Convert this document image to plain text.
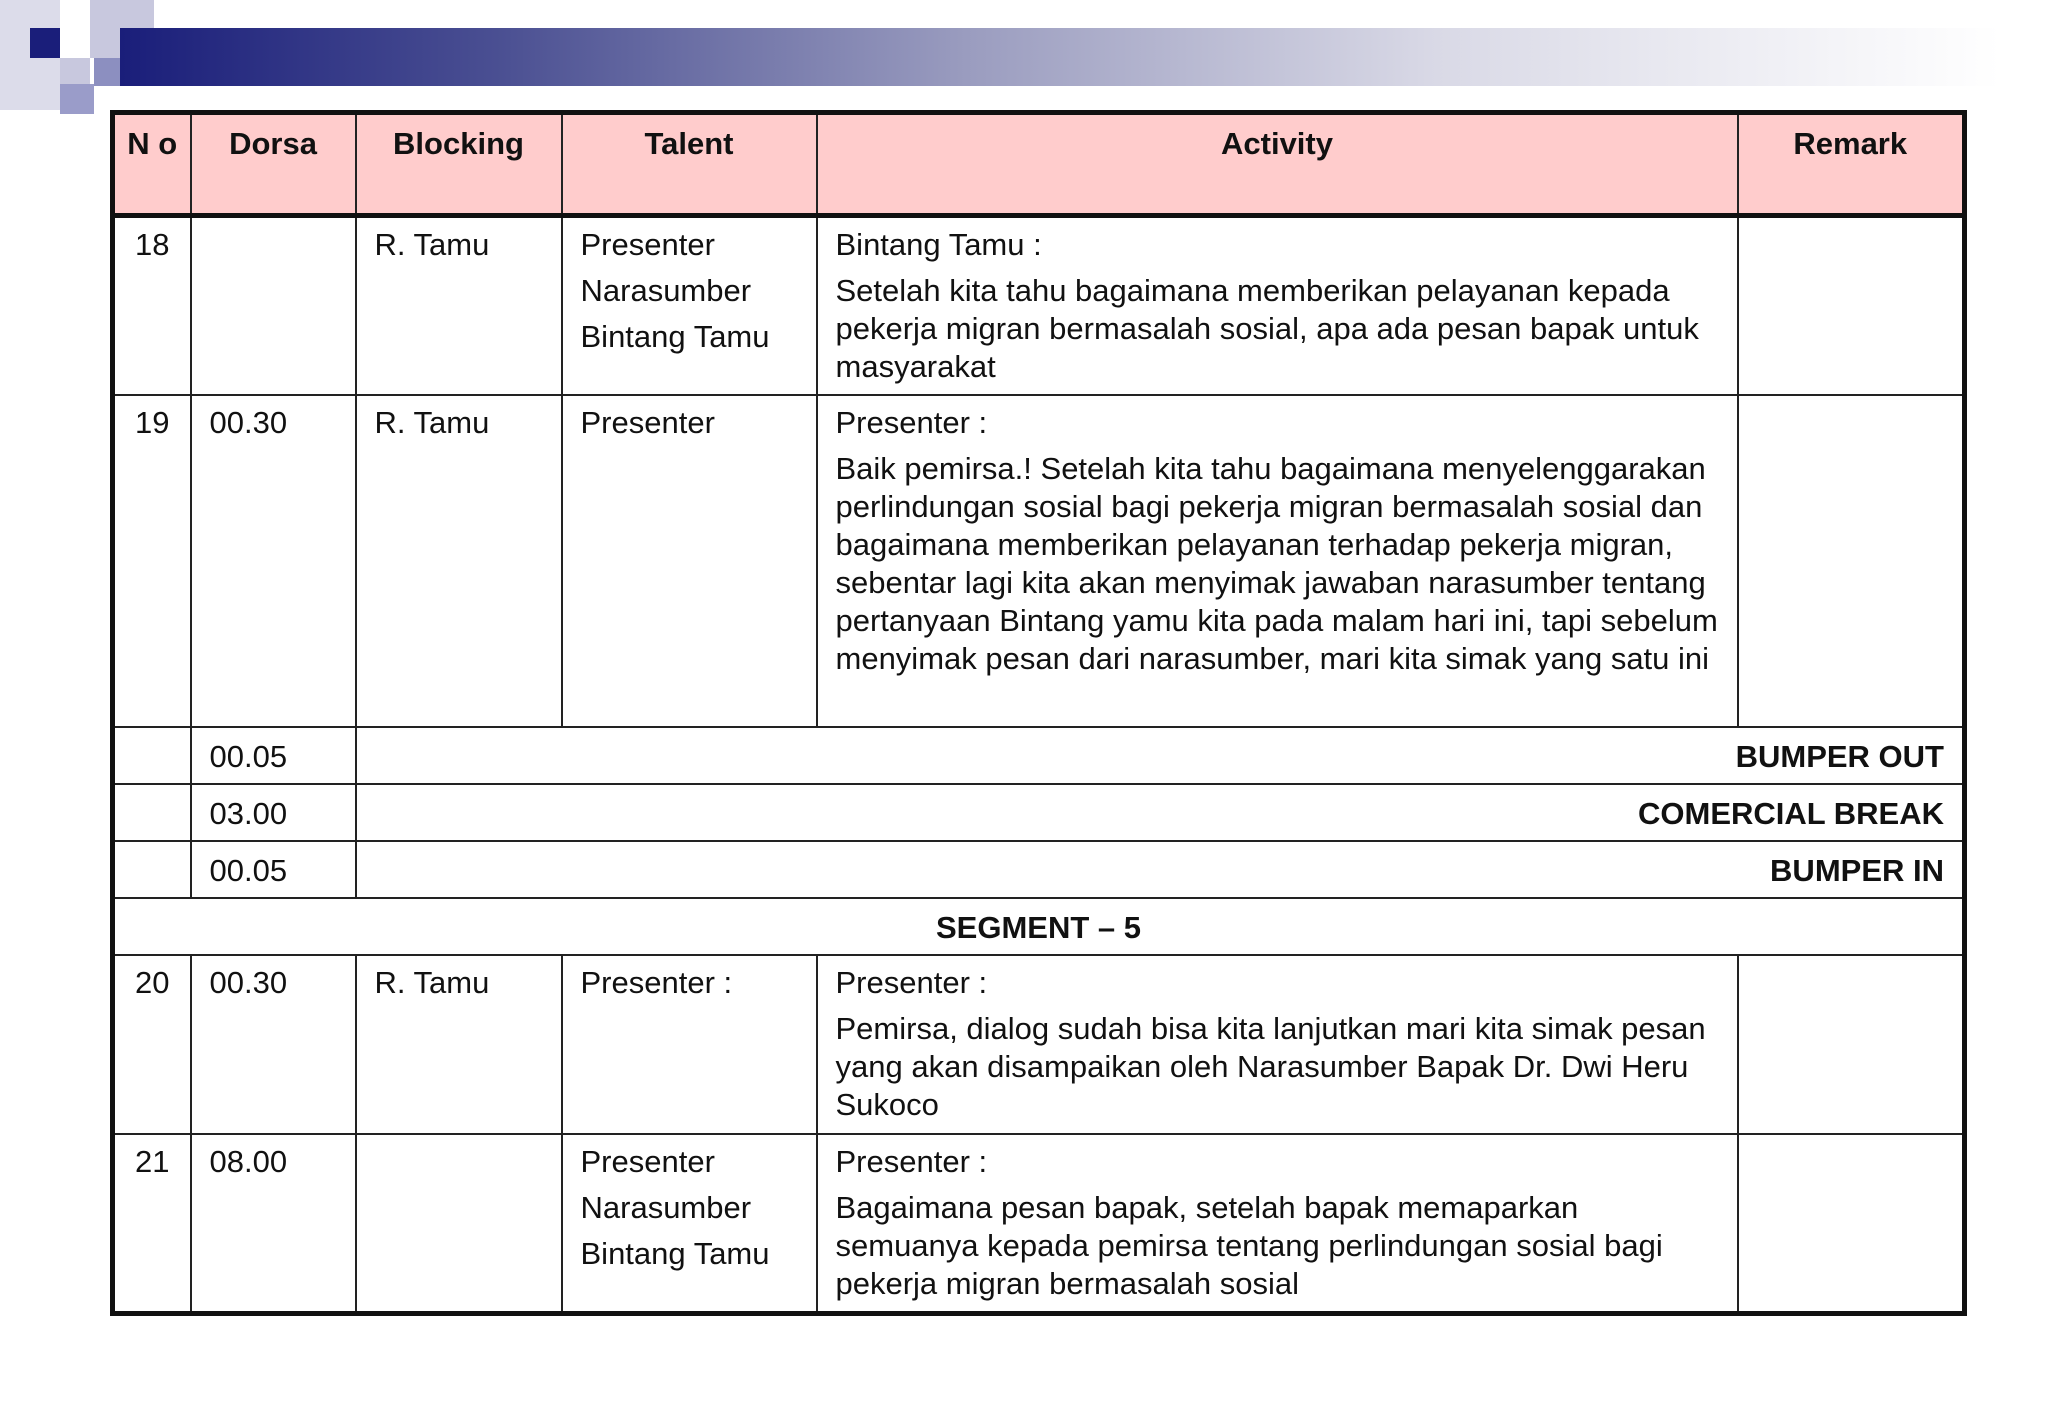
N o	Dorsa	Blocking	Talent	Activity	Remark
18		R. Tamu	Presenter
Narasumber
Bintang Tamu	Bintang Tamu :
Setelah kita tahu bagaimana memberikan pelayanan kepada pekerja migran bermasalah sosial, apa ada pesan bapak untuk masyarakat	

19	00.30	R. Tamu	Presenter	Presenter :
Baik pemirsa.! Setelah kita tahu bagaimana menyelenggarakan perlindungan sosial bagi pekerja migran bermasalah sosial dan bagaimana memberikan pelayanan terhadap pekerja migran, sebentar lagi kita akan menyimak jawaban narasumber tentang pertanyaan Bintang yamu kita pada malam hari ini, tapi sebelum menyimak pesan dari narasumber, mari kita simak yang satu ini	

	00.05	BUMPER OUT			
	03.00	COMERCIAL BREAK			
	00.05	BUMPER IN			
SEGMENT – 5					
20	00.30	R. Tamu	Presenter :	Presenter :
Pemirsa, dialog sudah bisa kita lanjutkan mari kita simak pesan yang akan disampaikan oleh Narasumber Bapak Dr. Dwi Heru Sukoco	

21	08.00		Presenter
Narasumber
Bintang Tamu	Presenter :
Bagaimana pesan bapak, setelah bapak memaparkan semuanya kepada pemirsa tentang perlindungan sosial bagi pekerja migran bermasalah sosial	
